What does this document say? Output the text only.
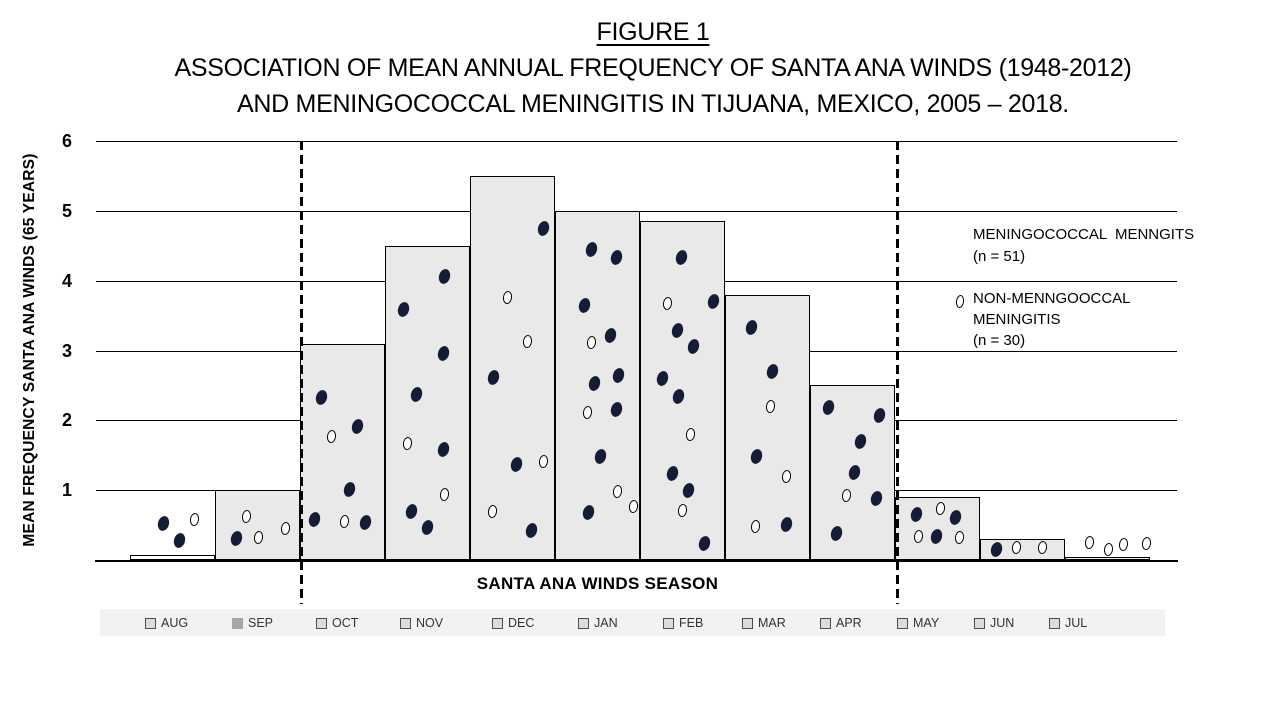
FIGURE 1
ASSOCIATION OF MEAN ANNUAL FREQUENCY OF SANTA ANA WINDS (1948-2012)
AND MENINGOCOCCAL MENINGITIS IN TIJUANA, MEXICO, 2005 – 2018.
MEAN FREQUENCY SANTA ANA WINDS (65 YEARS)	MENINGOCOCCAL  MENNGITS
(n = 51)
NON-MENNGOOCCAL
MENINGITIS
(n = 30)
SANTA ANA WINDS SEASON
1
2
3
4
5
6
AUG	SEP	OCT	NOV	DEC	JAN	FEB	MAR	APR	MAY	JUN	JUL
